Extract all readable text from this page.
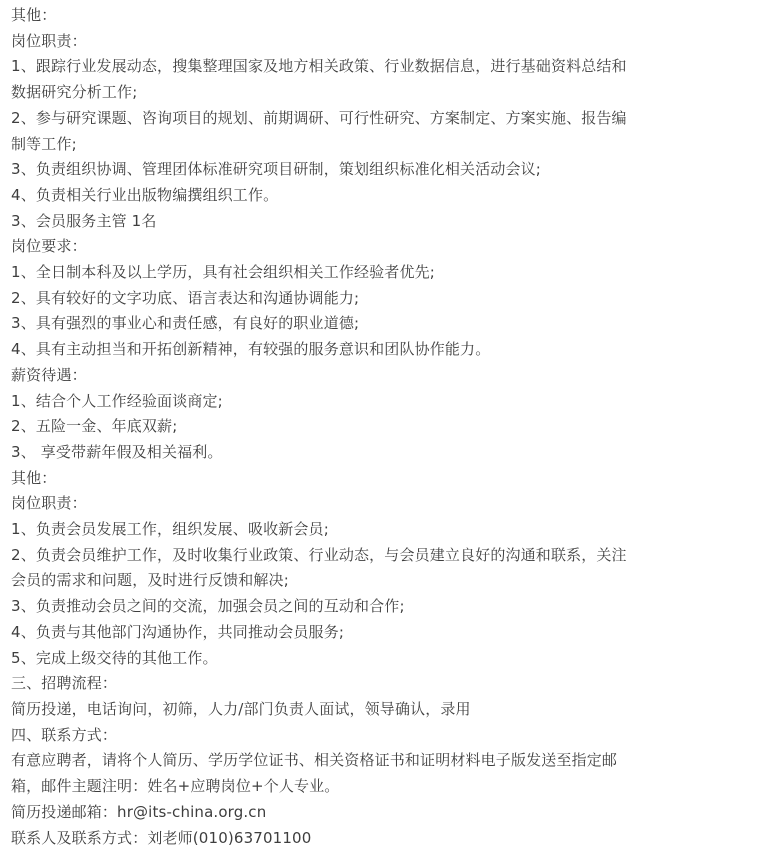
其他：

岗位职责：

1、跟踪行业发展动态，搜集整理国家及地方相关政策、行业数据信息，进行基础资料总结和

数据研究分析工作;

2、参与研究课题、咨询项目的规划、前期调研、可行性研究、方案制定、方案实施、报告编

制等工作;

3、负责组织协调、管理团体标准研究项目研制，策划组织标准化相关活动会议;

4、负责相关行业出版物编撰组织工作。

3、会员服务主管 1名

岗位要求：

1、全日制本科及以上学历，具有社会组织相关工作经验者优先;

2、具有较好的文字功底、语言表达和沟通协调能力;

3、具有强烈的事业心和责任感，有良好的职业道德;

4、具有主动担当和开拓创新精神，有较强的服务意识和团队协作能力。

薪资待遇：

1、结合个人工作经验面谈商定;

2、五险一金、年底双薪;

3、 享受带薪年假及相关福利。

其他：

岗位职责：

1、负责会员发展工作，组织发展、吸收新会员;

2、负责会员维护工作，及时收集行业政策、行业动态，与会员建立良好的沟通和联系，关注

会员的需求和问题，及时进行反馈和解决;

3、负责推动会员之间的交流，加强会员之间的互动和合作;

4、负责与其他部门沟通协作，共同推动会员服务;

5、完成上级交待的其他工作。

三、招聘流程：

简历投递，电话询问，初筛，人力/部门负责人面试，领导确认，录用

四、联系方式：

有意应聘者，请将个人简历、学历学位证书、相关资格证书和证明材料电子版发送至指定邮

箱，邮件主题注明：姓名+应聘岗位+个人专业。

简历投递邮箱：hr@its-china.org.cn

联系人及联系方式：刘老师(010)63701100
